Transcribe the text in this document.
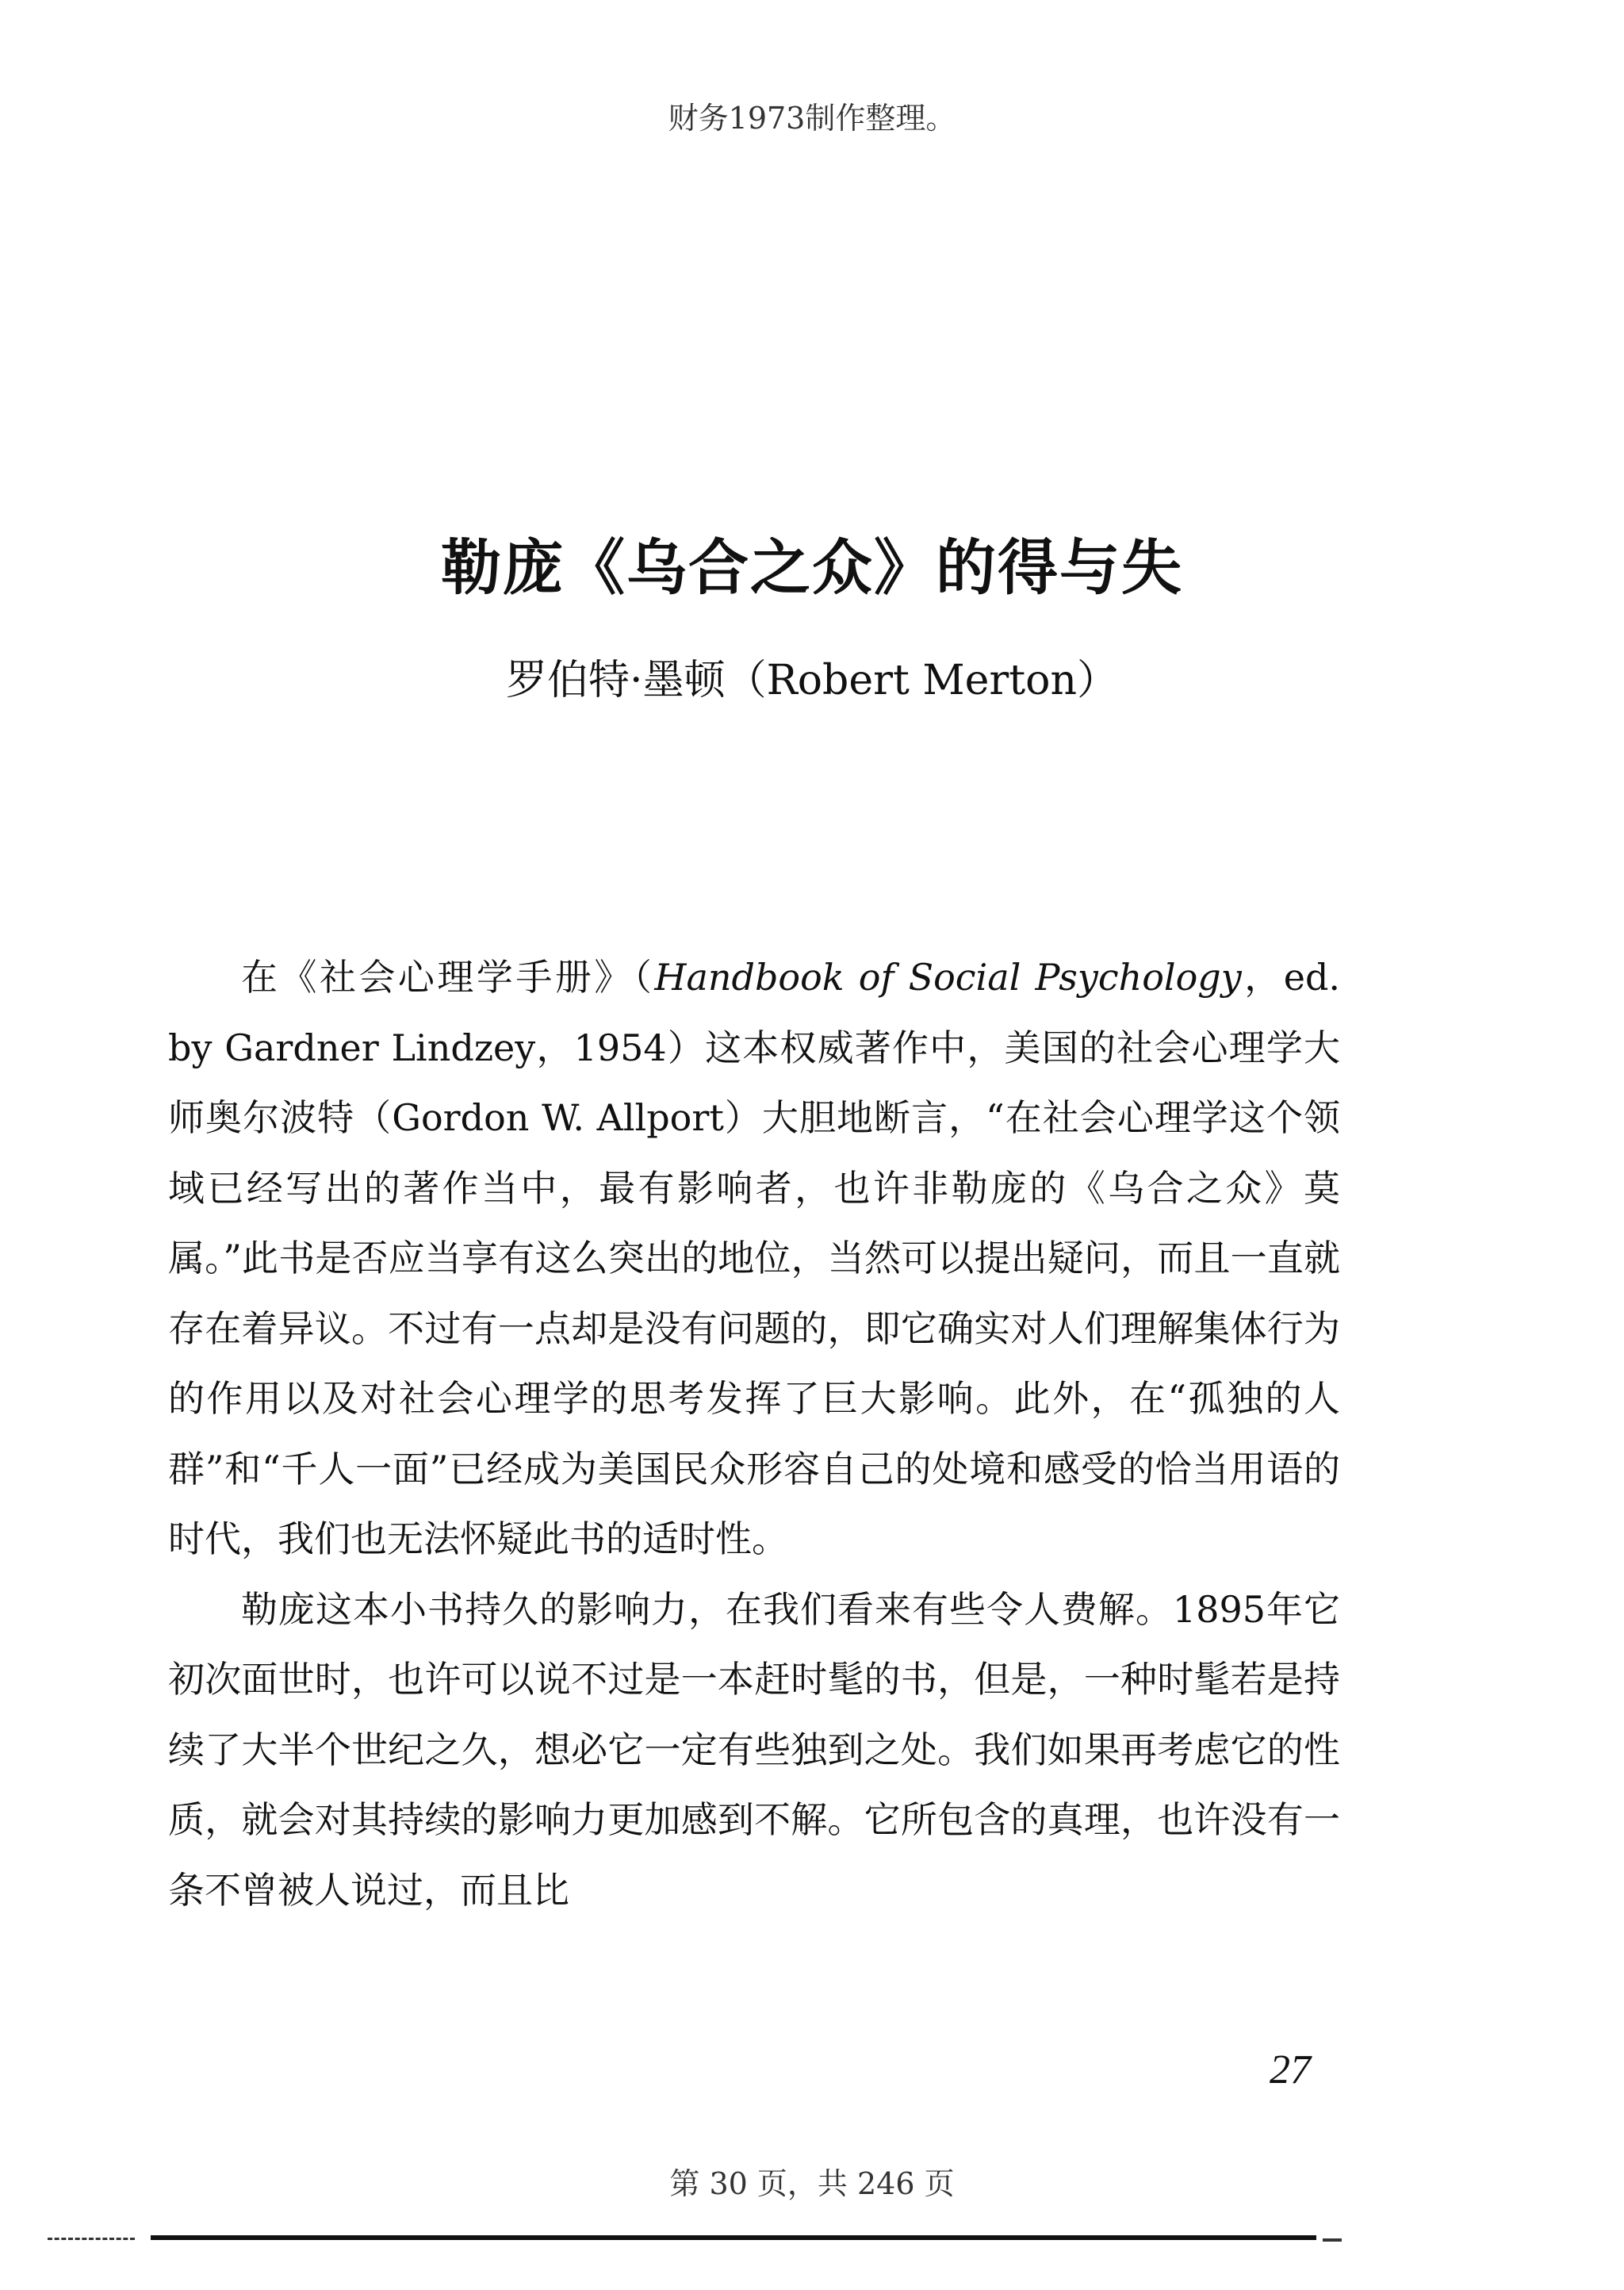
财务1973制作整理。
勒庞《乌合之众》的得与失
罗伯特·墨顿（Robert Merton）

在《社会心理学手册》（Handbook of Social Psychology，ed. by Gardner Lindzey，1954）这本权威著作中，美国的社会心理学大师奥尔波特（Gordon W. Allport）大胆地断言，“在社会心理学这个领域已经写出的著作当中，最有影响者，也许非勒庞的《乌合之众》莫属。”此书是否应当享有这么突出的地位，当然可以提出疑问，而且一直就存在着异议。不过有一点却是没有问题的，即它确实对人们理解集体行为的作用以及对社会心理学的思考发挥了巨大影响。此外，在“孤独的人群”和“千人一面”已经成为美国民众形容自己的处境和感受的恰当用语的时代，我们也无法怀疑此书的适时性。

勒庞这本小书持久的影响力，在我们看来有些令人费解。1895年它初次面世时，也许可以说不过是一本赶时髦的书，但是，一种时髦若是持续了大半个世纪之久，想必它一定有些独到之处。我们如果再考虑它的性质，就会对其持续的影响力更加感到不解。它所包含的真理，也许没有一条不曾被人说过，而且比

27
第 30 页，共 246 页
